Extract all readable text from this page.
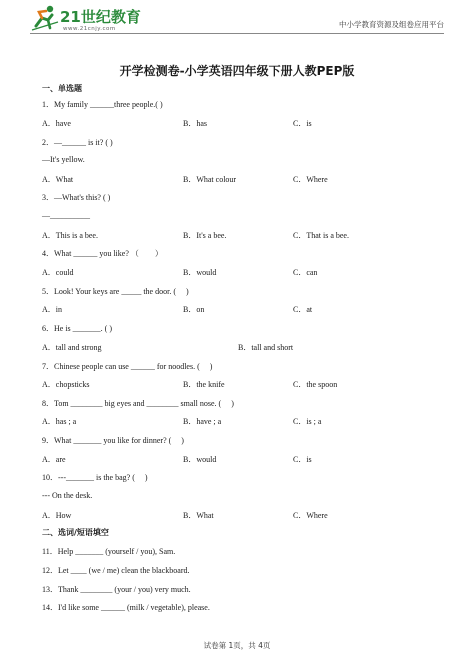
21世纪教育
www.21cnjy.com	中小学教育资源及组卷应用平台
开学检测卷-小学英语四年级下册人教PEP版
一、单选题
1．My family ______three people.( )
A．have	B．has	C．is
2．—______ is it? ( )
—It's yellow.
A．What	B．What colour	C．Where
3．—What's this? ( )
—__________
A．This is a bee.	B．It's a bee.	C．That is a bee.
4．What ______ you like? （　　）
A．could	B．would	C．can
5．Look! Your keys are _____ the door. (　 )
A．in	B．on	C．at
6．He is _______. ( )
A．tall and strong	B．tall and short
7．Chinese people can use ______ for noodles. (　 )
A．chopsticks	B．the knife	C．the spoon
8．Tom ________ big eyes and ________ small nose. (　 )
A．has ; a	B．have ; a	C．is ; a
9．What _______ you like for dinner? (　 )
A．are	B．would	C．is
10．---_______ is the bag? (　 )
--- On the desk.
A．How	B．What	C．Where
二、选词/短语填空
11．Help _______ (yourself / you), Sam.
12．Let ____ (we / me) clean the blackboard.
13．Thank ________ (your / you) very much.
14．I'd like some ______ (milk / vegetable), please.
试卷第 1页，共 4页
